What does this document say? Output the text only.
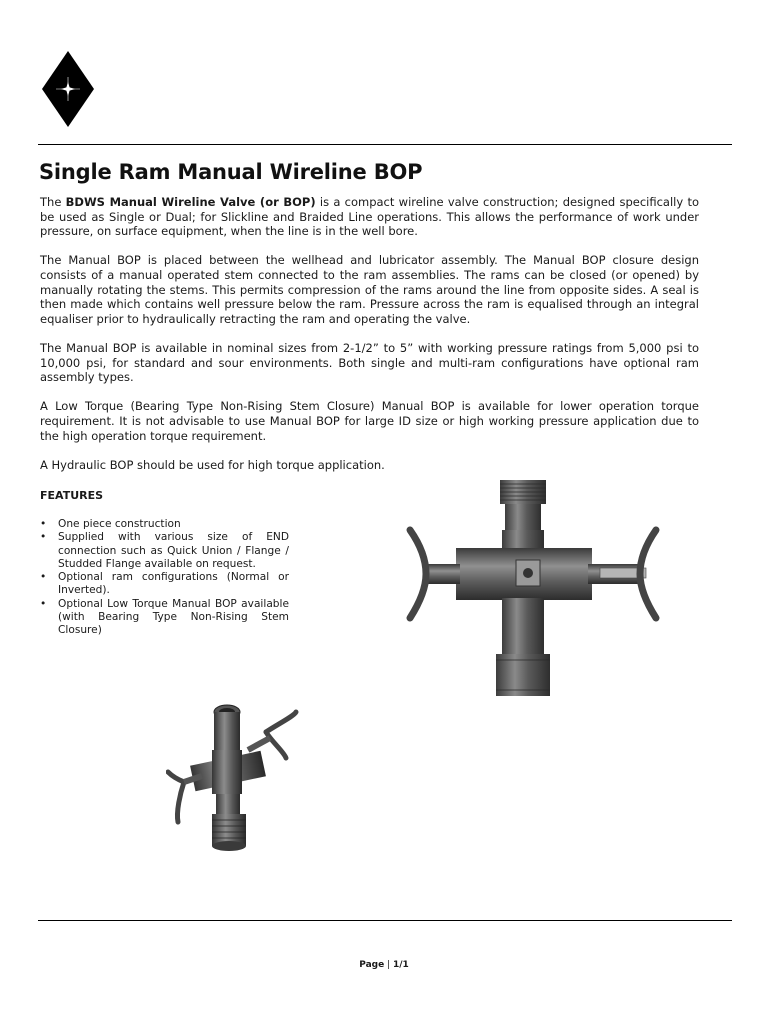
Single Ram Manual Wireline BOP

The BDWS Manual Wireline Valve (or BOP) is a compact wireline valve construction; designed specifically to be used as Single or Dual; for Slickline and Braided Line operations. This allows the performance of work under pressure, on surface equipment, when the line is in the well bore.

The Manual BOP is placed between the wellhead and lubricator assembly. The Manual BOP closure design consists of a manual operated stem connected to the ram assemblies. The rams can be closed (or opened) by manually rotating the stems. This permits compression of the rams around the line from opposite sides. A seal is then made which contains well pressure below the ram. Pressure across the ram is equalised through an integral equaliser prior to hydraulically retracting the ram and operating the valve.

The Manual BOP is available in nominal sizes from 2-1/2” to 5” with working pressure ratings from 5,000 psi to 10,000 psi, for standard and sour environments. Both single and multi-ram configurations have optional ram assembly types.

A Low Torque (Bearing Type Non-Rising Stem Closure) Manual BOP is available for lower operation torque requirement. It is not advisable to use Manual BOP for large ID size or high working pressure application due to the high operation torque requirement.

A Hydraulic BOP should be used for high torque application.

FEATURES
• One piece construction
• Supplied with various size of END connection such as Quick Union / Flange / Studded Flange available on request.
• Optional ram configurations (Normal or Inverted).
• Optional Low Torque Manual BOP available (with Bearing Type Non-Rising Stem Closure)
Page | 1/1
